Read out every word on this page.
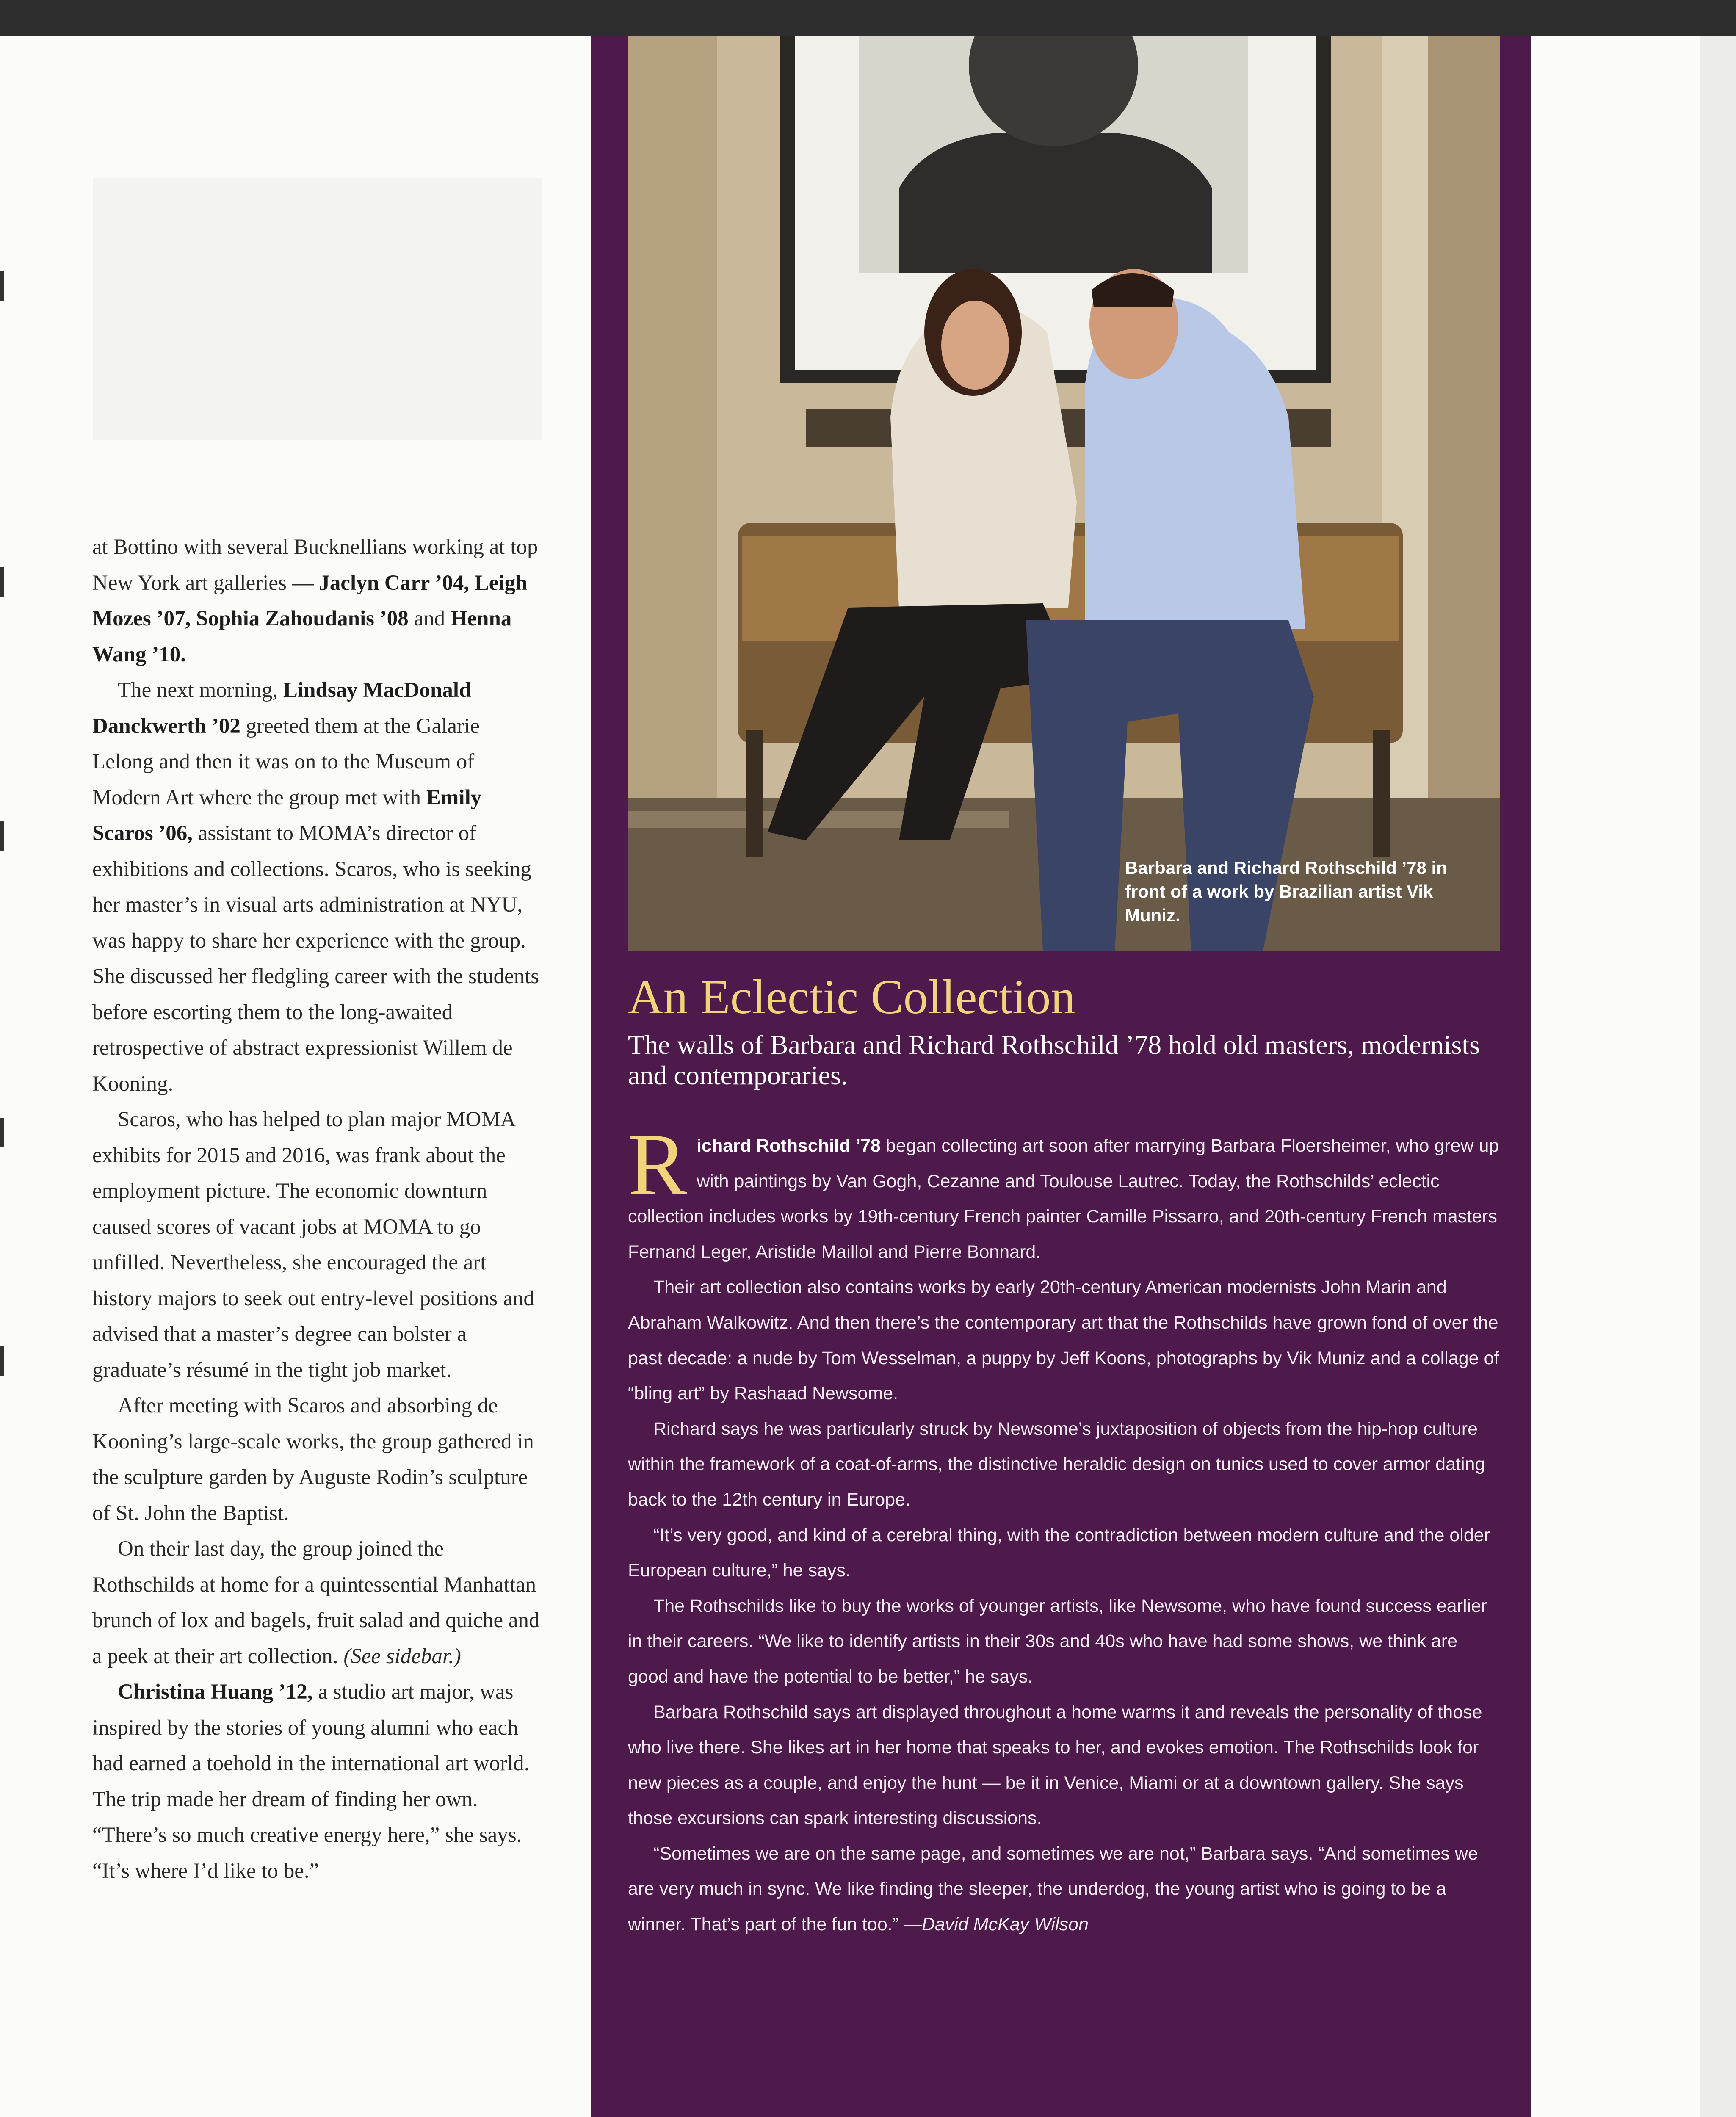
at Bottino with several Bucknellians working at top New York art galleries — Jaclyn Carr ’04, Leigh Mozes ’07, Sophia Zahoudanis ’08 and Henna Wang ’10.

The next morning, Lindsay MacDonald Danckwerth ’02 greeted them at the Galarie Lelong and then it was on to the Museum of Modern Art where the group met with Emily Scaros ’06, assistant to MOMA’s director of exhibitions and collections. Scaros, who is seeking her master’s in visual arts administration at NYU, was happy to share her experience with the group. She discussed her fledgling career with the students before escorting them to the long-awaited retrospective of abstract expressionist Willem de Kooning.

Scaros, who has helped to plan major MOMA exhibits for 2015 and 2016, was frank about the employment picture. The economic downturn caused scores of vacant jobs at MOMA to go unfilled. Nevertheless, she encouraged the art history majors to seek out entry-level positions and advised that a master’s degree can bolster a graduate’s résumé in the tight job market.

After meeting with Scaros and absorbing de Kooning’s large-scale works, the group gathered in the sculpture garden by Auguste Rodin’s sculpture of St. John the Baptist.

On their last day, the group joined the Rothschilds at home for a quintessential Manhattan brunch of lox and bagels, fruit salad and quiche and a peek at their art collection. (See sidebar.)

Christina Huang ’12, a studio art major, was inspired by the stories of young alumni who each had earned a toehold in the international art world. The trip made her dream of finding her own. “There’s so much creative energy here,” she says. “It’s where I’d like to be.”

Barbara and Richard Rothschild ’78 in front of a work by Brazilian artist Vik Muniz.
An Eclectic Collection

The walls of Barbara and Richard Rothschild ’78 hold old masters, modernists and contemporaries.

Richard Rothschild ’78 began collecting art soon after marrying Barbara Floersheimer, who grew up with paintings by Van Gogh, Cezanne and Toulouse Lautrec. Today, the Rothschilds’ eclectic collection includes works by 19th-century French painter Camille Pissarro, and 20th-century French masters Fernand Leger, Aristide Maillol and Pierre Bonnard.

Their art collection also contains works by early 20th-century American modernists John Marin and Abraham Walkowitz. And then there’s the contemporary art that the Rothschilds have grown fond of over the past decade: a nude by Tom Wesselman, a puppy by Jeff Koons, photographs by Vik Muniz and a collage of “bling art” by Rashaad Newsome.

Richard says he was particularly struck by Newsome’s juxtaposition of objects from the hip-hop culture within the framework of a coat-of-arms, the distinctive heraldic design on tunics used to cover armor dating back to the 12th century in Europe.

“It’s very good, and kind of a cerebral thing, with the contradiction between modern culture and the older European culture,” he says.

The Rothschilds like to buy the works of younger artists, like Newsome, who have found success earlier in their careers. “We like to identify artists in their 30s and 40s who have had some shows, we think are good and have the potential to be better,” he says.

Barbara Rothschild says art displayed throughout a home warms it and reveals the personality of those who live there. She likes art in her home that speaks to her, and evokes emotion. The Rothschilds look for new pieces as a couple, and enjoy the hunt — be it in Venice, Miami or at a downtown gallery. She says those excursions can spark interesting discussions.

“Sometimes we are on the same page, and sometimes we are not,” Barbara says. “And sometimes we are very much in sync. We like finding the sleeper, the underdog, the young artist who is going to be a winner. That’s part of the fun too.” —David McKay Wilson
